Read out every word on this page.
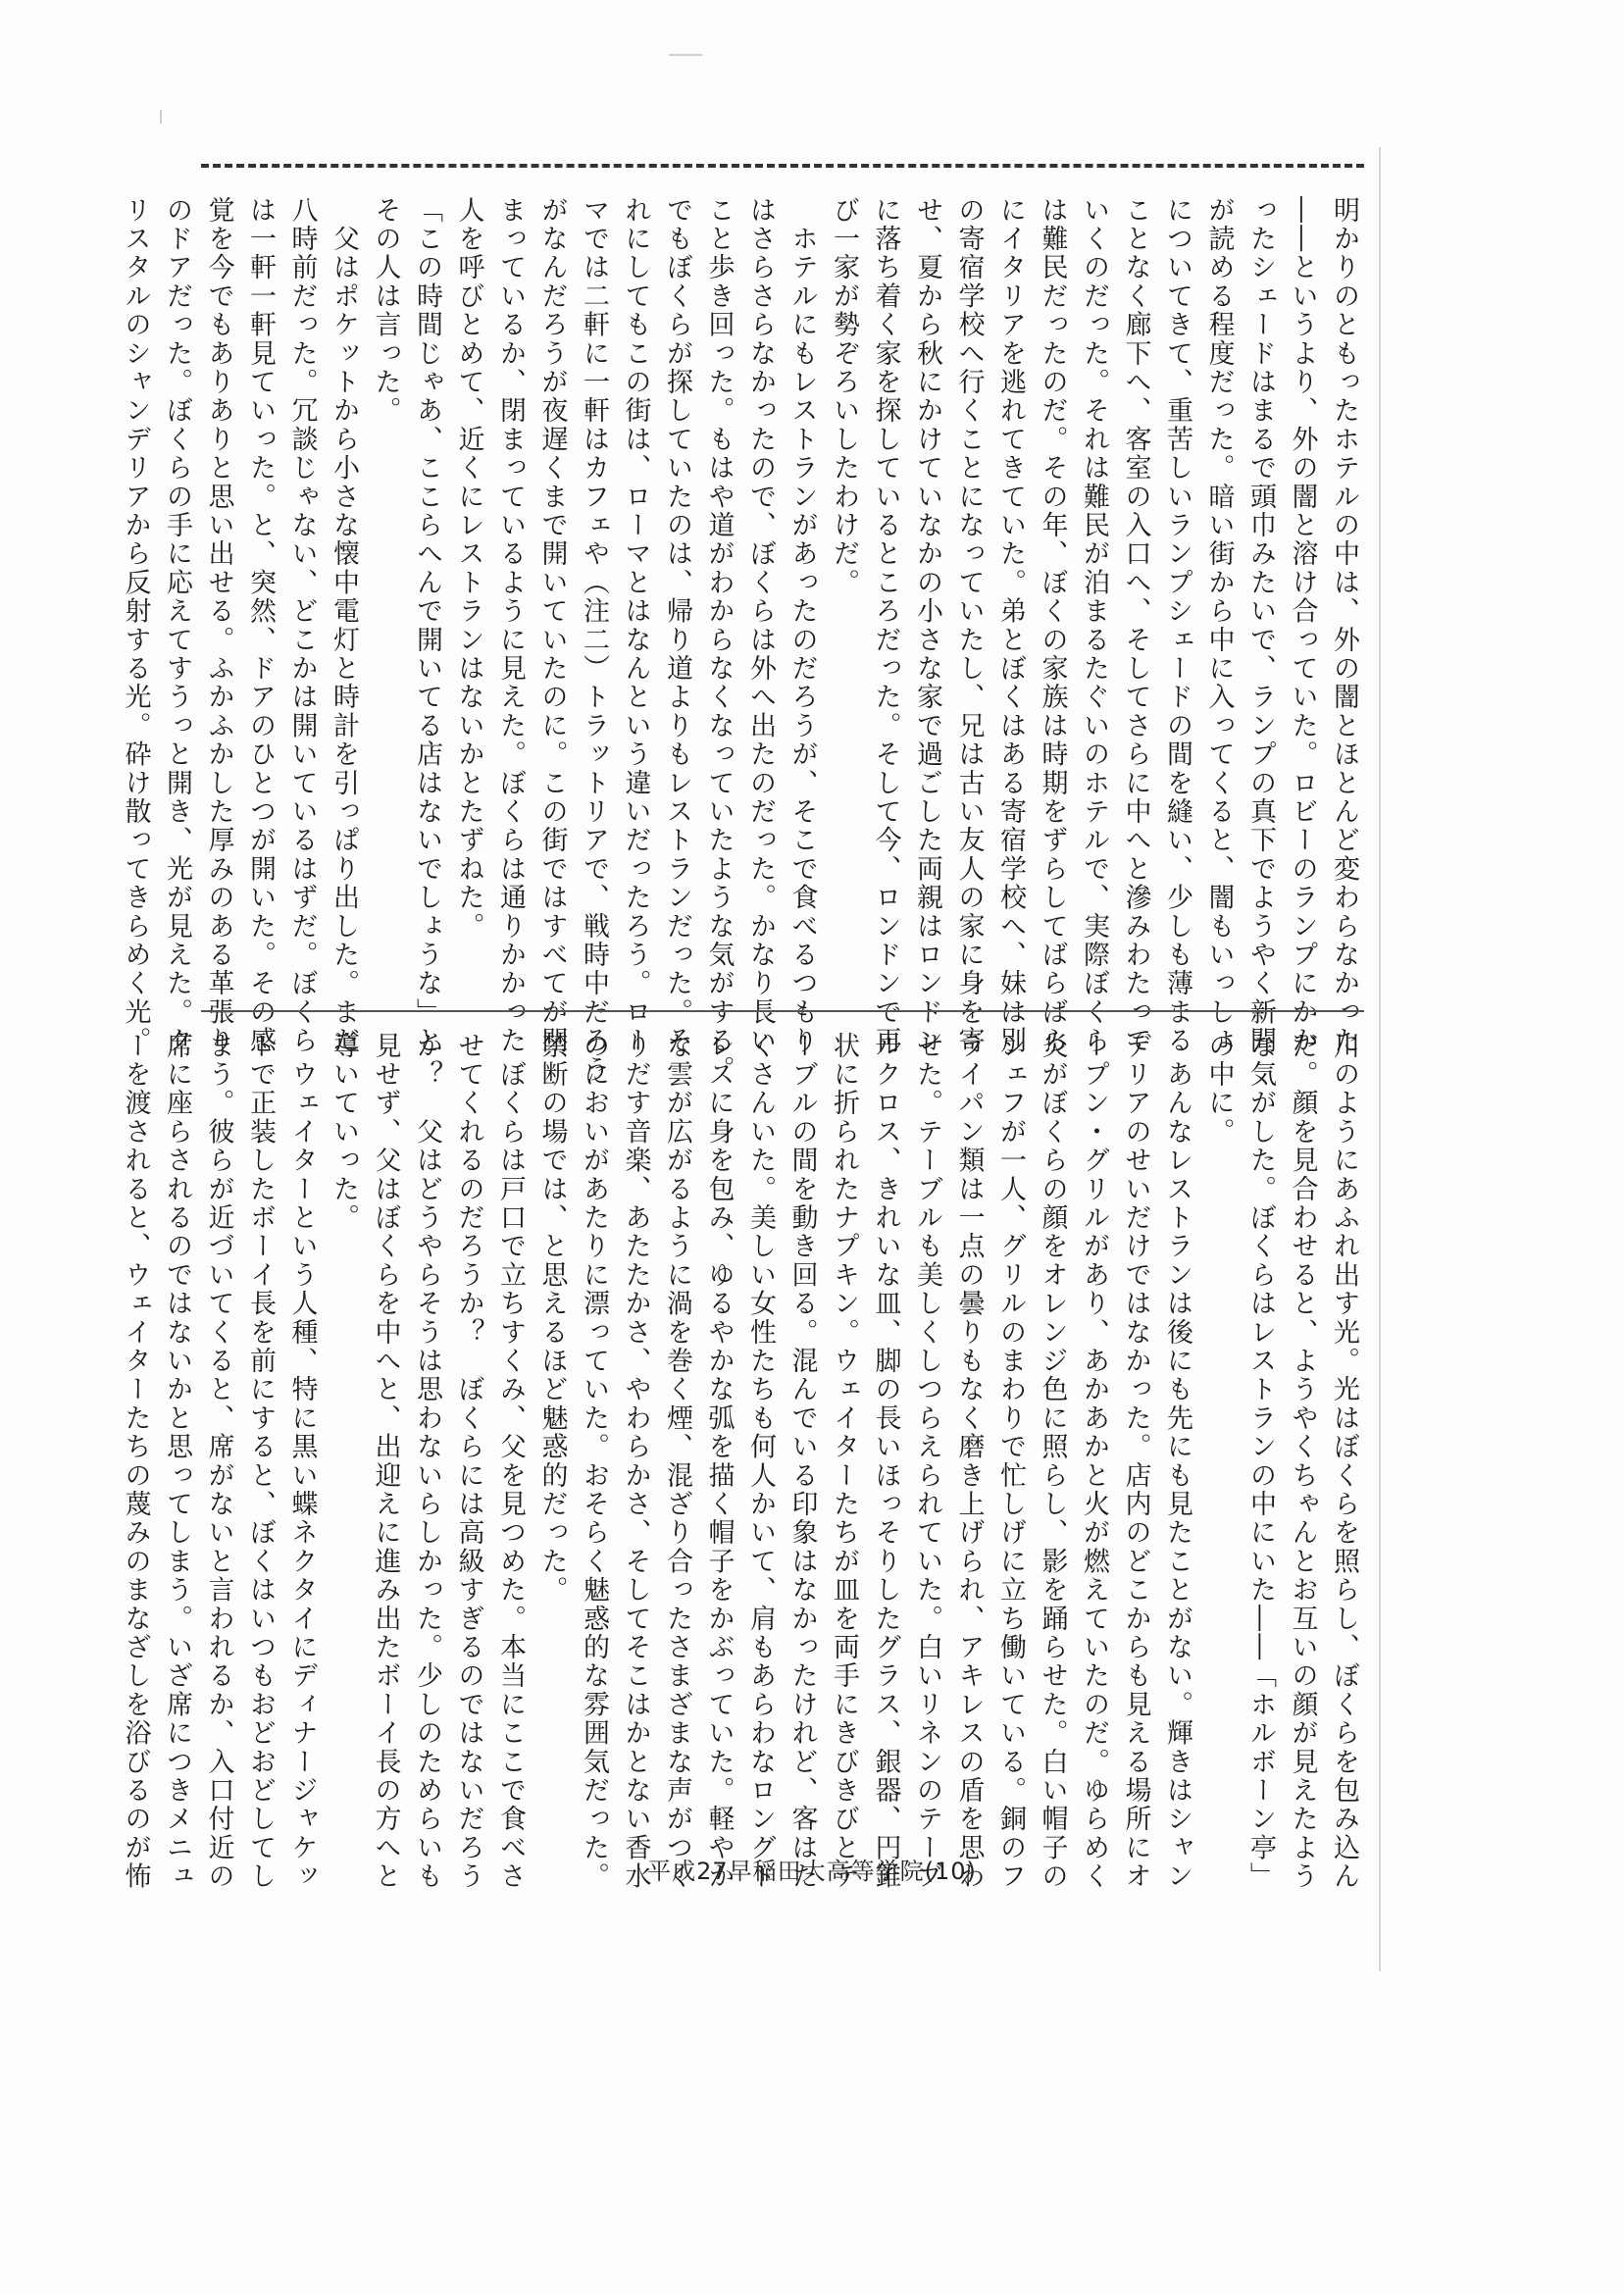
明かりのともったホテルの中は、外の闇とほとんど変わらなかった
――というより、外の闇と溶け合っていた。ロビーのランプにかか
ったシェードはまるで頭巾みたいで、ランプの真下でようやく新聞
が読める程度だった。暗い街から中に入ってくると、闇もいっしょ
についてきて、重苦しいランプシェードの間を縫い、少しも薄まる
ことなく廊下へ、客室の入口へ、そしてさらに中へと滲みわたって
いくのだった。それは難民が泊まるたぐいのホテルで、実際ぼくら
は難民だったのだ。その年、ぼくの家族は時期をずらしてばらばら
にイタリアを逃れてきていた。弟とぼくはある寄宿学校へ、妹は別
の寄宿学校へ行くことになっていたし、兄は古い友人の家に身を寄
せ、夏から秋にかけていなかの小さな家で過ごした両親はロンドン
に落ち着く家を探しているところだった。そして今、ロンドンで再
び一家が勢ぞろいしたわけだ。
　ホテルにもレストランがあったのだろうが、そこで食べるつもり
はさらさらなかったので、ぼくらは外へ出たのだった。かなり長い
こと歩き回った。もはや道がわからなくなっていたような気がする。
でもぼくらが探していたのは、帰り道よりもレストランだった。そ
れにしてもこの街は、ローマとはなんという違いだったろう。ロー
マでは二軒に一軒はカフェや（注二）トラットリアで、戦時中だろう
がなんだろうが夜遅くまで開いていたのに。この街ではすべてが閉
まっているか、閉まっているように見えた。ぼくらは通りかかった
人を呼びとめて、近くにレストランはないかとたずねた。
「この時間じゃあ、ここらへんで開いてる店はないでしょうな」と
その人は言った。
　父はポケットから小さな懐中電灯と時計を引っぱり出した。まだ
八時前だった。冗談じゃない、どこかは開いているはずだ。ぼくら
は一軒一軒見ていった。と、突然、ドアのひとつが開いた。その感
覚を今でもありありと思い出せる。ふかふかした厚みのある革張り
のドアだった。ぼくらの手に応えてすうっと開き、光が見えた。ク
リスタルのシャンデリアから反射する光。砕け散ってきらめく光。
川のようにあふれ出す光。光はぼくらを照らし、ぼくらを包み込ん
だ。顔を見合わせると、ようやくちゃんとお互いの顔が見えたよう
な気がした。ぼくらはレストランの中にいた――「ホルボーン亭」
の中に。
　あんなレストランは後にも先にも見たことがない。輝きはシャン
デリアのせいだけではなかった。店内のどこからも見える場所にオ
ープン・グリルがあり、あかあかと火が燃えていたのだ。ゆらめく
炎がぼくらの顔をオレンジ色に照らし、影を踊らせた。白い帽子の
シェフが一人、グリルのまわりで忙しげに立ち働いている。銅のフ
ライパン類は一点の曇りもなく磨き上げられ、アキレスの盾を思わ
せた。テーブルも美しくしつらえられていた。白いリネンのテーブ
ルクロス、きれいな皿、脚の長いほっそりしたグラス、銀器、円錐
状に折られたナプキン。ウェイターたちが皿を両手にきびきびとテ
ーブルの間を動き回る。混んでいる印象はなかったけれど、客はた
くさんいた。美しい女性たちも何人かいて、肩もあらわなロングド
レスに身を包み、ゆるやかな弧を描く帽子をかぶっていた。軽やか
な雲が広がるように渦を巻く煙、混ざり合ったさまざまな声がつく
りだす音楽、あたたかさ、やわらかさ、そしてそこはかとない香水
のにおいがあたりに漂っていた。おそらく魅惑的な雰囲気だった。
禁断の場では、と思えるほど魅惑的だった。
　ぼくらは戸口で立ちすくみ、父を見つめた。本当にここで食べさ
せてくれるのだろうか？　ぼくらには高級すぎるのではないだろう
か？　父はどうやらそうは思わないらしかった。少しのためらいも
見せず、父はぼくらを中へと、出迎えに進み出たボーイ長の方へと
導いていった。
　ウェイターという人種、特に黒い蝶ネクタイにディナージャケッ
トで正装したボーイ長を前にすると、ぼくはいつもおどおどしてし
まう。彼らが近づいてくると、席がないと言われるか、入口付近の
席に座らされるのではないかと思ってしまう。いざ席につきメニュ
ーを渡されると、ウェイターたちの蔑みのまなざしを浴びるのが怖	平成27早稲田大高等学院(10)
